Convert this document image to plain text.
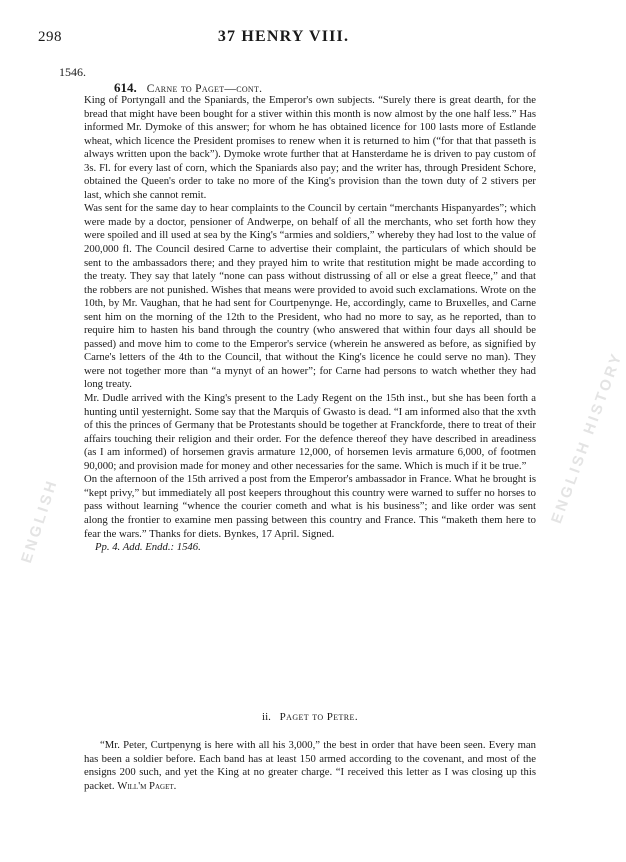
ENGLISH HISTORY
ENGLISH
298	37 HENRY VIII.
1546.
614. Carne to Paget—cont.

King of Portyngall and the Spaniards, the Emperor's own subjects. “Surely there is great dearth, for the bread that might have been bought for a stiver within this month is now almost by the one half less.” Has informed Mr. Dymoke of this answer; for whom he has obtained licence for 100 lasts more of Estlande wheat, which licence the President promises to renew when it is returned to him (“for that that passeth is always written upon the back”). Dymoke wrote further that at Hansterdame he is driven to pay custom of 3s. Fl. for every last of corn, which the Spaniards also pay; and the writer has, through President Schore, obtained the Queen's order to take no more of the King's provision than the town duty of 2 stivers per last, which she cannot remit.

Was sent for the same day to hear complaints to the Council by certain “merchants Hispanyardes”; which were made by a doctor, pensioner of Andwerpe, on behalf of all the merchants, who set forth how they were spoiled and ill used at sea by the King's “armies and soldiers,” whereby they had lost to the value of 200,000 fl. The Council desired Carne to advertise their complaint, the particulars of which should be sent to the ambassadors there; and they prayed him to write that restitution might be made according to the treaty. They say that lately “none can pass without distrussing of all or else a great fleece,” and that the robbers are not punished. Wishes that means were provided to avoid such exclamations. Wrote on the 10th, by Mr. Vaughan, that he had sent for Courtpenynge. He, accordingly, came to Bruxelles, and Carne sent him on the morning of the 12th to the President, who had no more to say, as he reported, than to require him to hasten his band through the country (who answered that within four days all should be passed) and move him to come to the Emperor's service (wherein he answered as before, as signified by Carne's letters of the 4th to the Council, that without the King's licence he could serve no man). They were not together more than “a mynyt of an hower”; for Carne had persons to watch whether they had long treaty.

Mr. Dudle arrived with the King's present to the Lady Regent on the 15th inst., but she has been forth a hunting until yesternight. Some say that the Marquis of Gwasto is dead. “I am informed also that the xvth of this the princes of Germany that be Protestants should be together at Franckforde, there to treat of their affairs touching their religion and their order. For the defence thereof they have described in areadiness (as I am informed) of horsemen gravis armature 12,000, of horsemen levis armature 6,000, of footmen 90,000; and provision made for money and other necessaries for the same. Which is much if it be true.”

On the afternoon of the 15th arrived a post from the Emperor's ambassador in France. What he brought is “kept privy,” but immediately all post keepers throughout this country were warned to suffer no horses to pass without learning “whence the courier cometh and what is his business”; and like order was sent along the frontier to examine men passing between this country and France. This “maketh them here to fear the wars.” Thanks for diets. Bynkes, 17 April. Signed.

Pp. 4. Add. Endd.: 1546.
ii. Paget to Petre.

“Mr. Peter, Curtpenyng is here with all his 3,000,” the best in order that have been seen. Every man has been a soldier before. Each band has at least 150 armed according to the covenant, and most of the ensigns 200 such, and yet the King at no greater charge. “I received this letter as I was closing up this packet. Will'm Paget.
